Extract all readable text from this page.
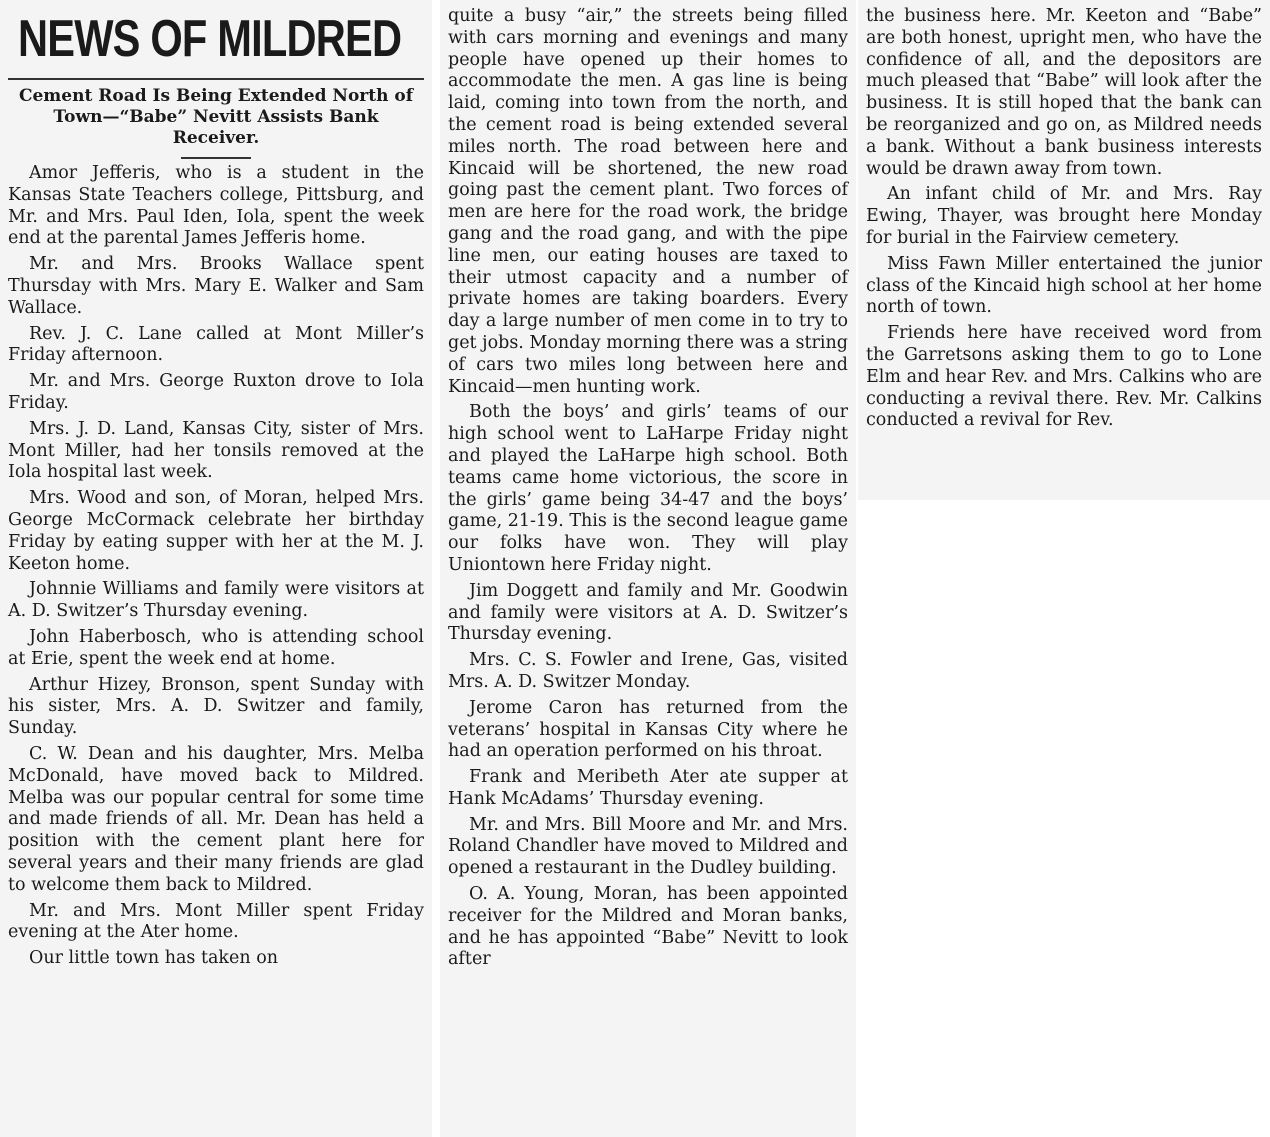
NEWS OF MILDRED
Cement Road Is Being Extended North of Town—“Babe” Nevitt Assists Bank Receiver.

Amor Jefferis, who is a student in the Kansas State Teachers college, Pittsburg, and Mr. and Mrs. Paul Iden, Iola, spent the week end at the parental James Jefferis home.

Mr. and Mrs. Brooks Wallace spent Thursday with Mrs. Mary E. Walker and Sam Wallace.

Rev. J. C. Lane called at Mont Miller’s Friday afternoon.

Mr. and Mrs. George Ruxton drove to Iola Friday.

Mrs. J. D. Land, Kansas City, sister of Mrs. Mont Miller, had her tonsils removed at the Iola hospital last week.

Mrs. Wood and son, of Moran, helped Mrs. George McCormack celebrate her birthday Friday by eating supper with her at the M. J. Keeton home.

Johnnie Williams and family were visitors at A. D. Switzer’s Thursday evening.

John Haberbosch, who is attending school at Erie, spent the week end at home.

Arthur Hizey, Bronson, spent Sunday with his sister, Mrs. A. D. Switzer and family, Sunday.

C. W. Dean and his daughter, Mrs. Melba McDonald, have moved back to Mildred. Melba was our popular central for some time and made friends of all. Mr. Dean has held a position with the cement plant here for several years and their many friends are glad to welcome them back to Mildred.

Mr. and Mrs. Mont Miller spent Friday evening at the Ater home.

Our little town has taken on

quite a busy “air,” the streets being filled with cars morning and evenings and many people have opened up their homes to accommodate the men. A gas line is being laid, coming into town from the north, and the cement road is being extended several miles north. The road between here and Kincaid will be shortened, the new road going past the cement plant. Two forces of men are here for the road work, the bridge gang and the road gang, and with the pipe line men, our eating houses are taxed to their utmost capacity and a number of private homes are taking boarders. Every day a large number of men come in to try to get jobs. Monday morning there was a string of cars two miles long between here and Kincaid—men hunting work.

Both the boys’ and girls’ teams of our high school went to LaHarpe Friday night and played the LaHarpe high school. Both teams came home victorious, the score in the girls’ game being 34-47 and the boys’ game, 21-19. This is the second league game our folks have won. They will play Uniontown here Friday night.

Jim Doggett and family and Mr. Goodwin and family were visitors at A. D. Switzer’s Thursday evening.

Mrs. C. S. Fowler and Irene, Gas, visited Mrs. A. D. Switzer Monday.

Jerome Caron has returned from the veterans’ hospital in Kansas City where he had an operation performed on his throat.

Frank and Meribeth Ater ate supper at Hank McAdams’ Thursday evening.

Mr. and Mrs. Bill Moore and Mr. and Mrs. Roland Chandler have moved to Mildred and opened a restaurant in the Dudley building.

O. A. Young, Moran, has been appointed receiver for the Mildred and Moran banks, and he has appointed “Babe” Nevitt to look after

the business here. Mr. Keeton and “Babe” are both honest, upright men, who have the confidence of all, and the depositors are much pleased that “Babe” will look after the business. It is still hoped that the bank can be reorganized and go on, as Mildred needs a bank. Without a bank business interests would be drawn away from town.

An infant child of Mr. and Mrs. Ray Ewing, Thayer, was brought here Monday for burial in the Fairview cemetery.

Miss Fawn Miller entertained the junior class of the Kincaid high school at her home north of town.

Friends here have received word from the Garretsons asking them to go to Lone Elm and hear Rev. and Mrs. Calkins who are conducting a revival there. Rev. Mr. Calkins conducted a revival for Rev.
